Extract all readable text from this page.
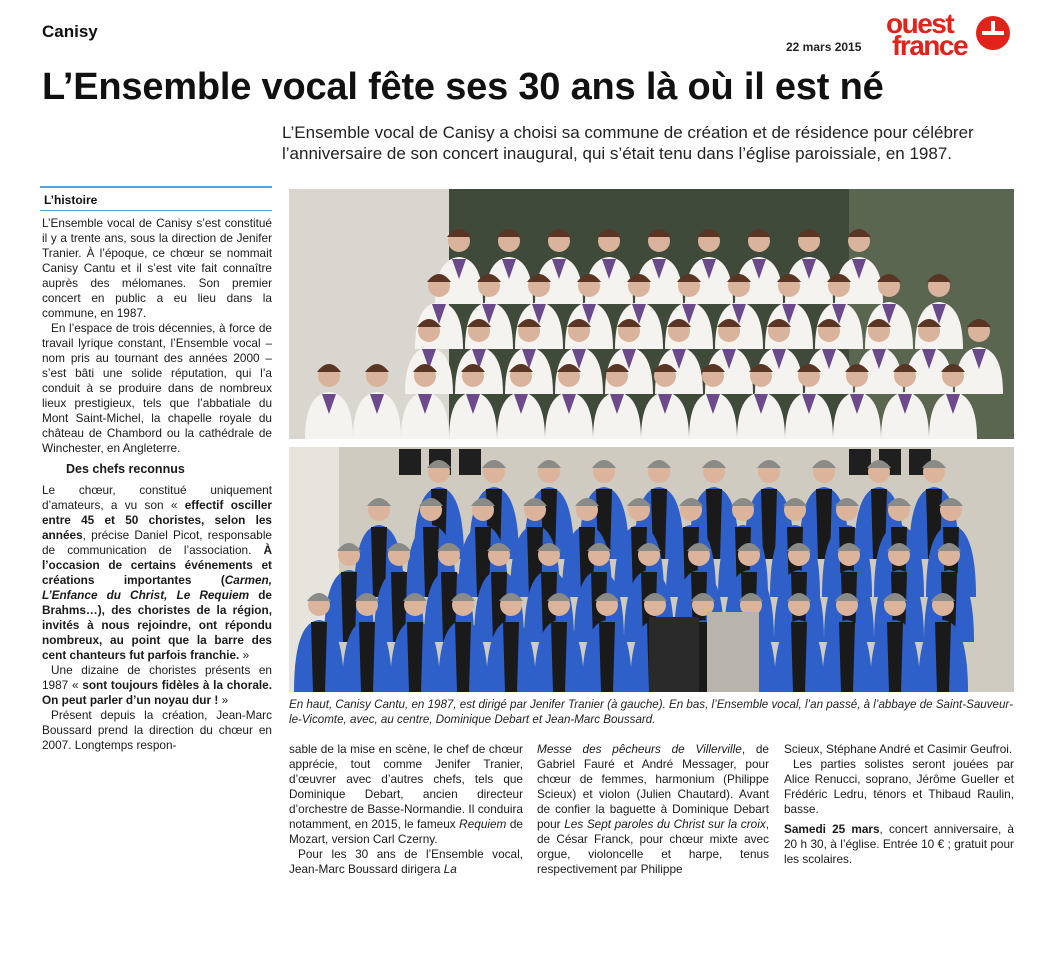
Canisy
22 mars 2015
ouest
france
L’Ensemble vocal fête ses 30 ans là où il est né
L’Ensemble vocal de Canisy a choisi sa commune de création et de résidence pour célébrer l’anniversaire de son concert inaugural, qui s’était tenu dans l’église paroissiale, en 1987.
L’histoire

L’Ensemble vocal de Canisy s’est constitué il y a trente ans, sous la direction de Jenifer Tranier. À l’époque, ce chœur se nommait Canisy Cantu et il s’est vite fait connaître auprès des mélomanes. Son premier concert en public a eu lieu dans la commune, en 1987.

En l’espace de trois décennies, à force de travail lyrique constant, l’Ensemble vocal – nom pris au tournant des années 2000 – s’est bâti une solide réputation, qui l’a conduit à se produire dans de nombreux lieux prestigieux, tels que l’abbatiale du Mont Saint-Michel, la chapelle royale du château de Chambord ou la cathédrale de Winchester, en Angleterre.

Des chefs reconnus

Le chœur, constitué uniquement d’amateurs, a vu son « effectif osciller entre 45 et 50 choristes, selon les années, précise Daniel Picot, responsable de communication de l’association. À l’occasion de certains événements et créations importantes (Carmen, L’Enfance du Christ, Le Requiem de Brahms…), des choristes de la région, invités à nous rejoindre, ont répondu nombreux, au point que la barre des cent chanteurs fut parfois franchie. »

Une dizaine de choristes présents en 1987 « sont toujours fidèles à la chorale. On peut parler d’un noyau dur ! »

Présent depuis la création, Jean-Marc Boussard prend la direction du chœur en 2007. Longtemps respon-

En haut, Canisy Cantu, en 1987, est dirigé par Jenifer Tranier (à gauche). En bas, l’Ensemble vocal, l’an passé, à l’abbaye de Saint-Sauveur-le-Vicomte, avec, au centre, Dominique Debart et Jean-Marc Boussard.

sable de la mise en scène, le chef de chœur apprécie, tout comme Jenifer Tranier, d’œuvrer avec d’autres chefs, tels que Dominique Debart, ancien directeur d’orchestre de Basse-Normandie. Il conduira notamment, en 2015, le fameux Requiem de Mozart, version Carl Czerny.

Pour les 30 ans de l’Ensemble vocal, Jean-Marc Boussard dirigera La

Messe des pêcheurs de Villerville, de Gabriel Fauré et André Messager, pour chœur de femmes, harmonium (Philippe Scieux) et violon (Julien Chautard). Avant de confier la baguette à Dominique Debart pour Les Sept paroles du Christ sur la croix, de César Franck, pour chœur mixte avec orgue, violoncelle et harpe, tenus respectivement par Philippe

Scieux, Stéphane André et Casimir Geufroi.

Les parties solistes seront jouées par Alice Renucci, soprano, Jérôme Gueller et Frédéric Ledru, ténors et Thibaud Raulin, basse.

Samedi 25 mars, concert anniversaire, à 20 h 30, à l’église. Entrée 10 € ; gratuit pour les scolaires.
